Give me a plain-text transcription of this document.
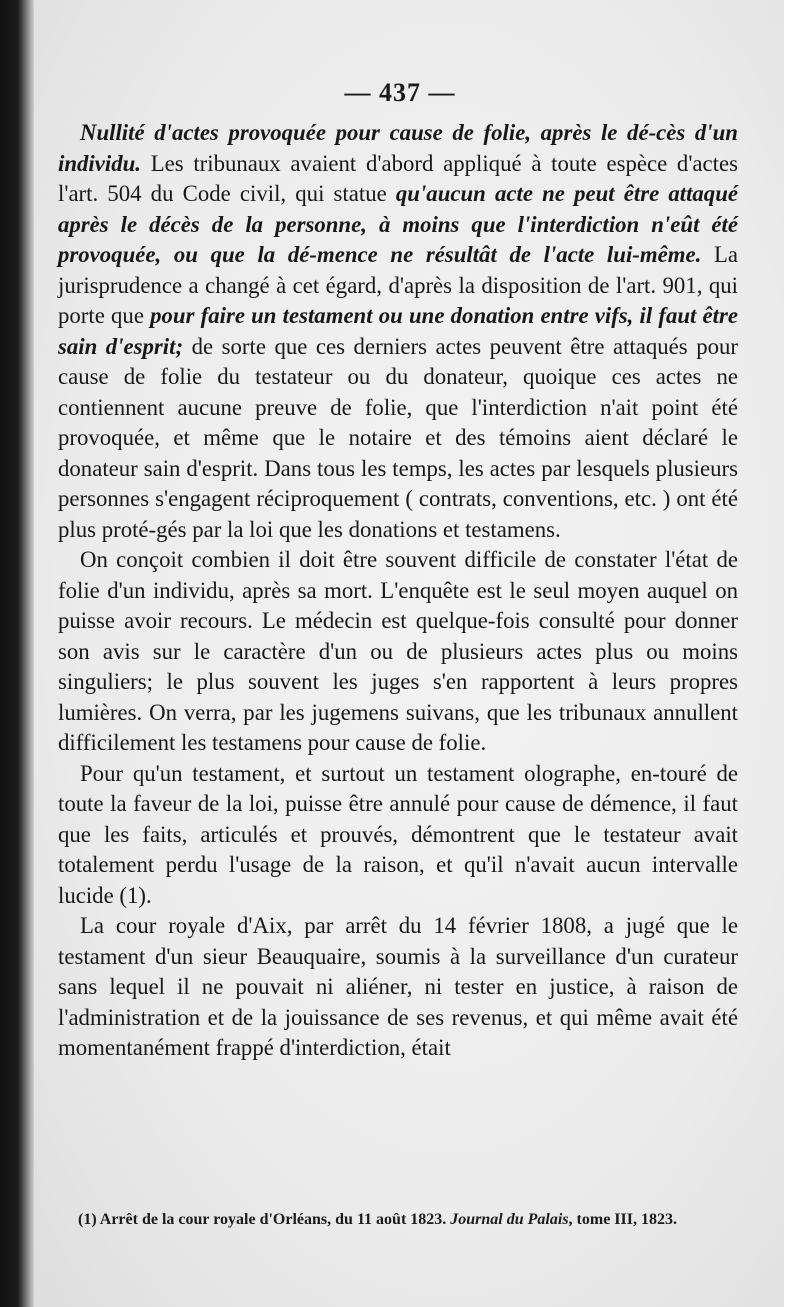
— 437 —

Nullité d'actes provoquée pour cause de folie, après le dé-cès d'un individu. Les tribunaux avaient d'abord appliqué à toute espèce d'actes l'art. 504 du Code civil, qui statue qu'aucun acte ne peut être attaqué après le décès de la personne, à moins que l'interdiction n'eût été provoquée, ou que la dé-mence ne résultât de l'acte lui-même. La jurisprudence a changé à cet égard, d'après la disposition de l'art. 901, qui porte que pour faire un testament ou une donation entre vifs, il faut être sain d'esprit; de sorte que ces derniers actes peuvent être attaqués pour cause de folie du testateur ou du donateur, quoique ces actes ne contiennent aucune preuve de folie, que l'interdiction n'ait point été provoquée, et même que le notaire et des témoins aient déclaré le donateur sain d'esprit. Dans tous les temps, les actes par lesquels plusieurs personnes s'engagent réciproquement ( contrats, conventions, etc. ) ont été plus proté-gés par la loi que les donations et testamens.

On conçoit combien il doit être souvent difficile de constater l'état de folie d'un individu, après sa mort. L'enquête est le seul moyen auquel on puisse avoir recours. Le médecin est quelque-fois consulté pour donner son avis sur le caractère d'un ou de plusieurs actes plus ou moins singuliers; le plus souvent les juges s'en rapportent à leurs propres lumières. On verra, par les jugemens suivans, que les tribunaux annullent difficilement les testamens pour cause de folie.

Pour qu'un testament, et surtout un testament olographe, en-touré de toute la faveur de la loi, puisse être annulé pour cause de démence, il faut que les faits, articulés et prouvés, démontrent que le testateur avait totalement perdu l'usage de la raison, et qu'il n'avait aucun intervalle lucide (1).

La cour royale d'Aix, par arrêt du 14 février 1808, a jugé que le testament d'un sieur Beauquaire, soumis à la surveillance d'un curateur sans lequel il ne pouvait ni aliéner, ni tester en justice, à raison de l'administration et de la jouissance de ses revenus, et qui même avait été momentanément frappé d'interdiction, était

(1) Arrêt de la cour royale d'Orléans, du 11 août 1823. Journal du Palais, tome III, 1823.
